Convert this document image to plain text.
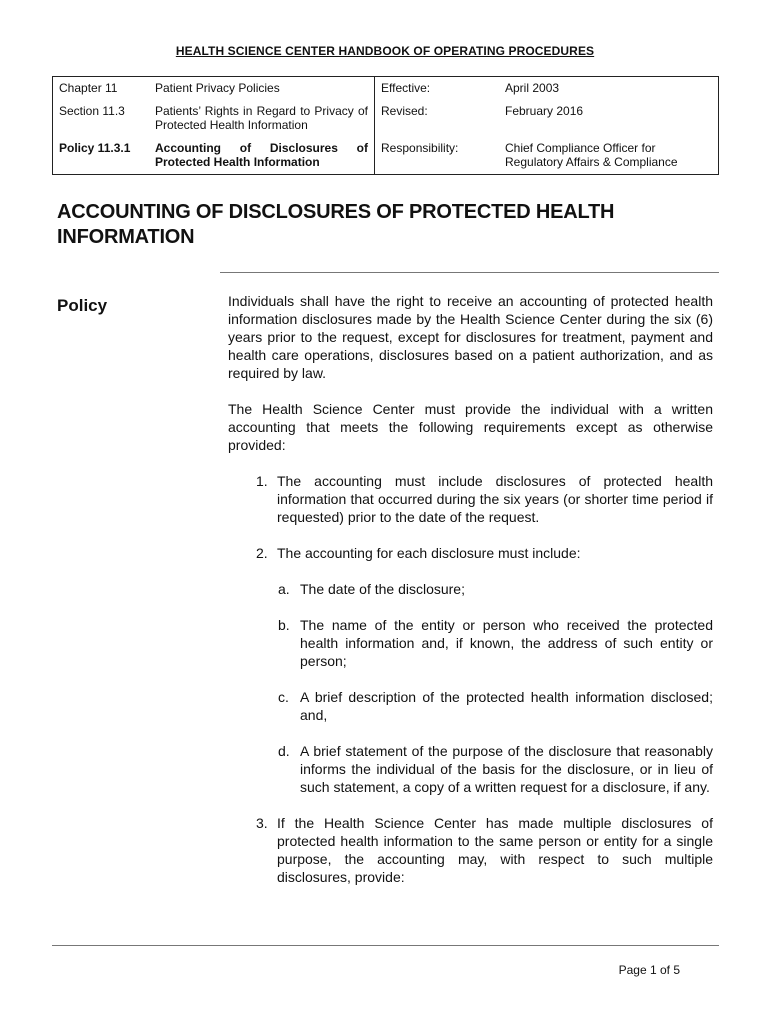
HEALTH SCIENCE CENTER HANDBOOK OF OPERATING PROCEDURES
Chapter 11	Patient Privacy Policies	Effective:	April 2003
Section 11.3	Patients’ Rights in Regard to Privacy of Protected Health Information	Revised:	February 2016
Policy 11.3.1	Accounting of Disclosures of Protected Health Information	Responsibility:	Chief Compliance Officer for Regulatory Affairs & Compliance
ACCOUNTING OF DISCLOSURES OF PROTECTED HEALTH INFORMATION
Policy	Individuals shall have the right to receive an accounting of protected health information disclosures made by the Health Science Center during the six (6) years prior to the request, except for disclosures for treatment, payment and health care operations, disclosures based on a patient authorization, and as required by law.

The Health Science Center must provide the individual with a written accounting that meets the following requirements except as otherwise provided:

1. The accounting must include disclosures of protected health information that occurred during the six years (or shorter time period if requested) prior to the date of the request.
2. The accounting for each disclosure must include:
a. The date of the disclosure;
b. The name of the entity or person who received the protected health information and, if known, the address of such entity or person;
c. A brief description of the protected health information disclosed; and,
d. A brief statement of the purpose of the disclosure that reasonably informs the individual of the basis for the disclosure, or in lieu of such statement, a copy of a written request for a disclosure, if any.
3. If the Health Science Center has made multiple disclosures of protected health information to the same person or entity for a single purpose, the accounting may, with respect to such multiple disclosures, provide:
Page 1 of 5
